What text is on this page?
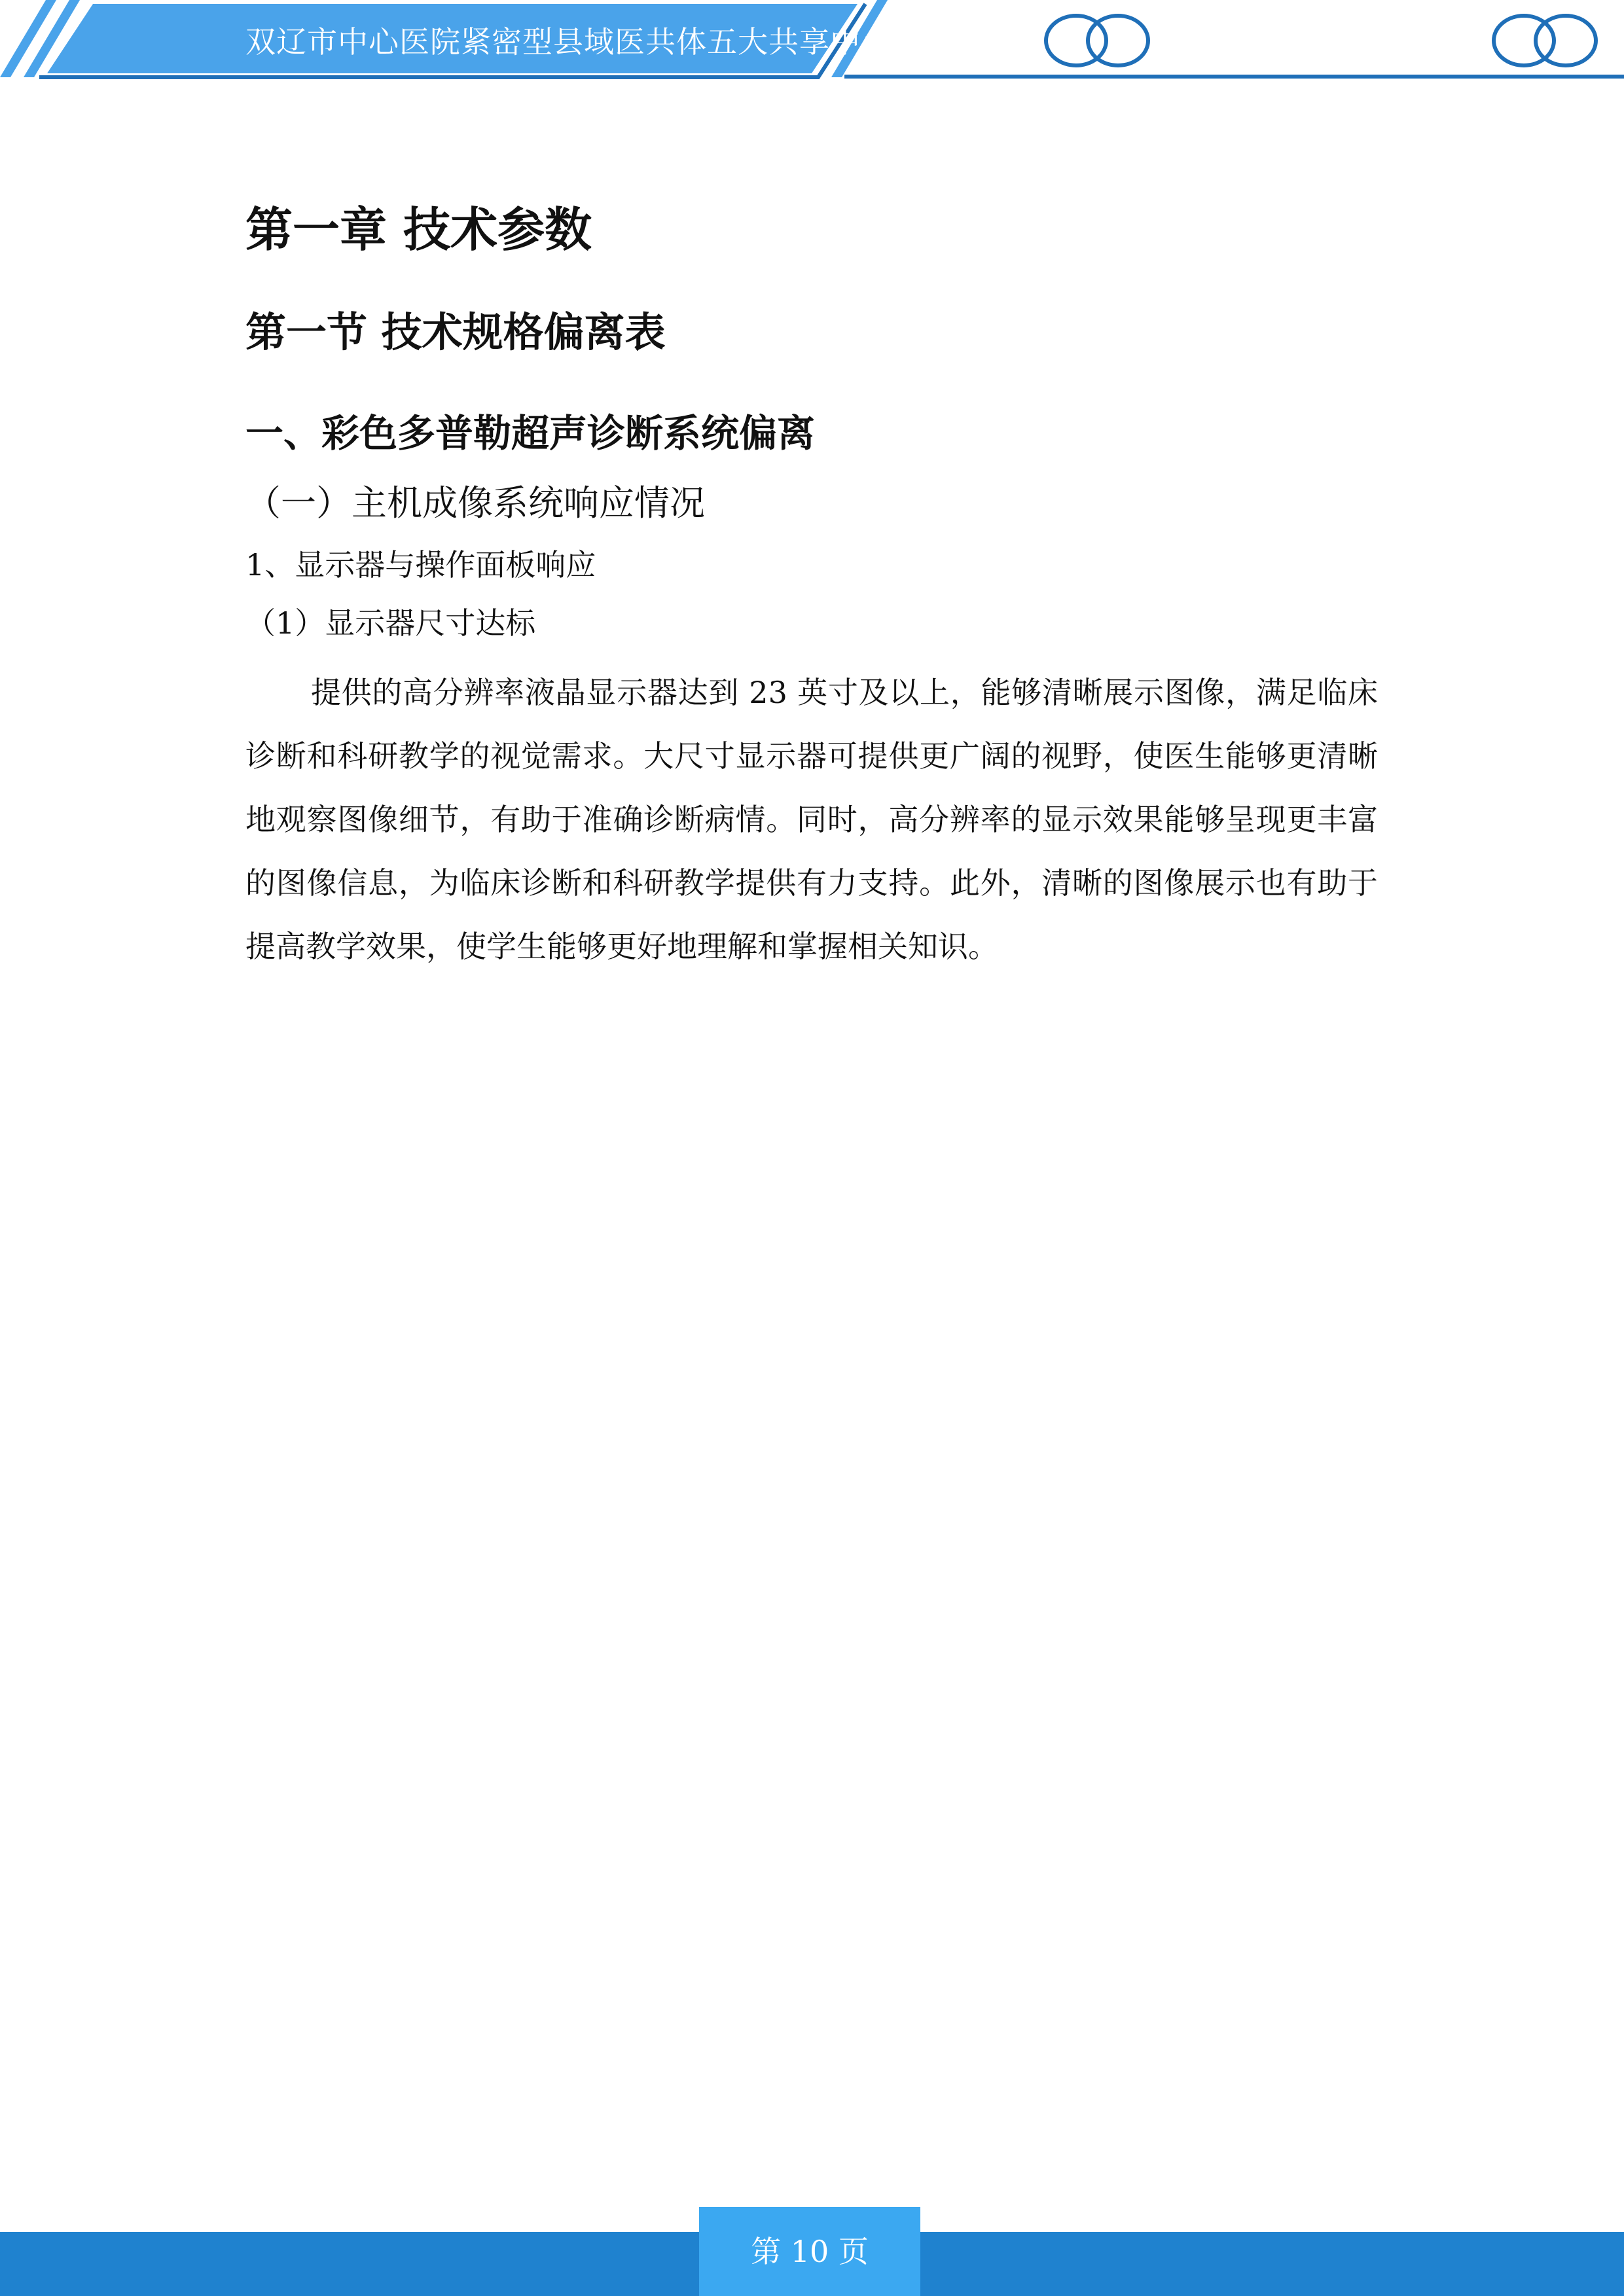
双辽市中心医院紧密型县域医共体五大共享中心
第一章 技术参数
第一节 技术规格偏离表
一、彩色多普勒超声诊断系统偏离
（一）主机成像系统响应情况
1、显示器与操作面板响应
（1）显示器尺寸达标

提供的高分辨率液晶显示器达到 23 英寸及以上，能够清晰展示图像，满足临床诊断和科研教学的视觉需求。大尺寸显示器可提供更广阔的视野，使医生能够更清晰地观察图像细节，有助于准确诊断病情。同时，高分辨率的显示效果能够呈现更丰富的图像信息，为临床诊断和科研教学提供有力支持。此外，清晰的图像展示也有助于提高教学效果，使学生能够更好地理解和掌握相关知识。

第 10 页
